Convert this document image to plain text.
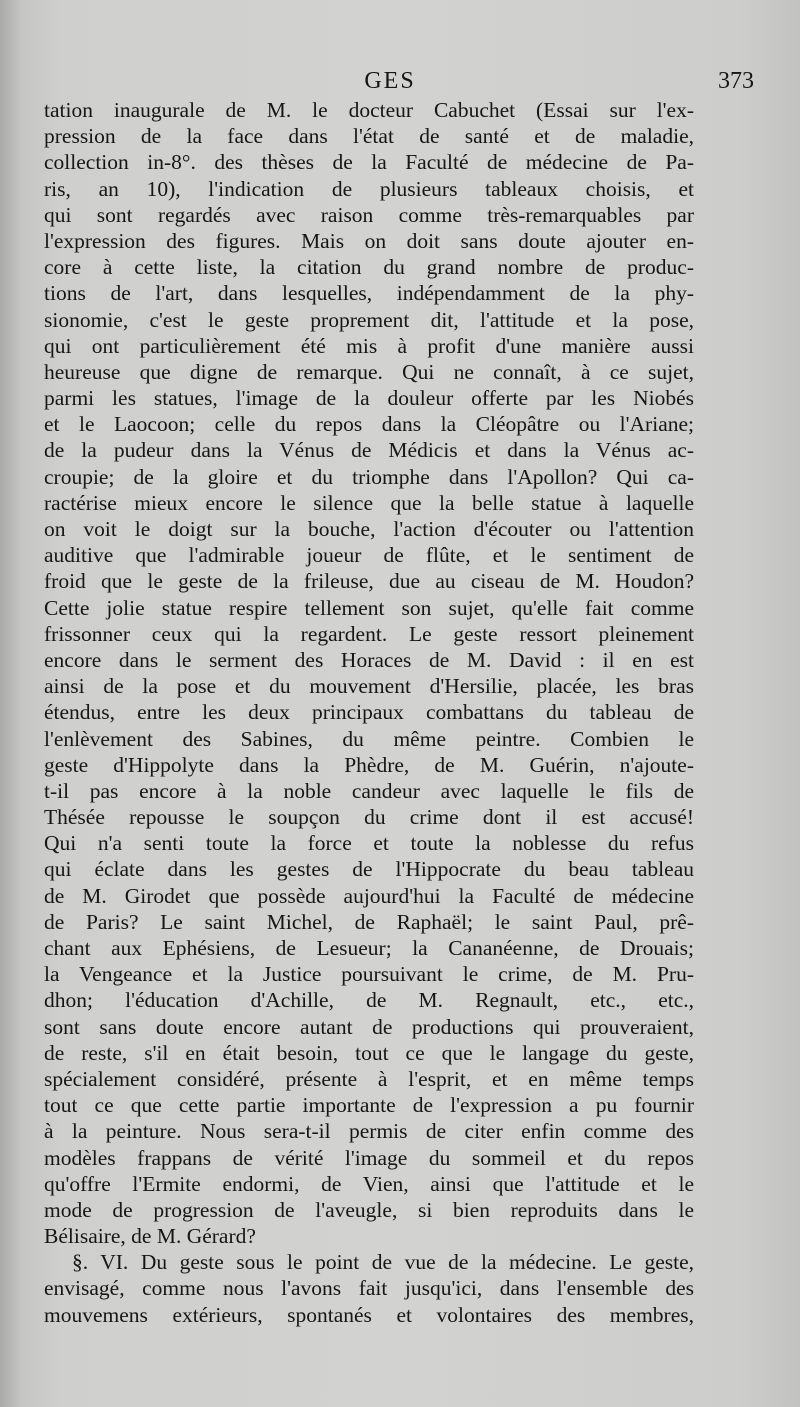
GES	373
tation inaugurale de M. le docteur Cabuchet (Essai sur l'ex-
pression de la face dans l'état de santé et de maladie,
collection in-8°. des thèses de la Faculté de médecine de Pa-
ris, an 10), l'indication de plusieurs tableaux choisis, et
qui sont regardés avec raison comme très-remarquables par
l'expression des figures. Mais on doit sans doute ajouter en-
core à cette liste, la citation du grand nombre de produc-
tions de l'art, dans lesquelles, indépendamment de la phy-
sionomie, c'est le geste proprement dit, l'attitude et la pose,
qui ont particulièrement été mis à profit d'une manière aussi
heureuse que digne de remarque. Qui ne connaît, à ce sujet,
parmi les statues, l'image de la douleur offerte par les Niobés
et le Laocoon; celle du repos dans la Cléopâtre ou l'Ariane;
de la pudeur dans la Vénus de Médicis et dans la Vénus ac-
croupie; de la gloire et du triomphe dans l'Apollon? Qui ca-
ractérise mieux encore le silence que la belle statue à laquelle
on voit le doigt sur la bouche, l'action d'écouter ou l'attention
auditive que l'admirable joueur de flûte, et le sentiment de
froid que le geste de la frileuse, due au ciseau de M. Houdon?
Cette jolie statue respire tellement son sujet, qu'elle fait comme
frissonner ceux qui la regardent. Le geste ressort pleinement
encore dans le serment des Horaces de M. David : il en est
ainsi de la pose et du mouvement d'Hersilie, placée, les bras
étendus, entre les deux principaux combattans du tableau de
l'enlèvement des Sabines, du même peintre. Combien le
geste d'Hippolyte dans la Phèdre, de M. Guérin, n'ajoute-
t-il pas encore à la noble candeur avec laquelle le fils de
Thésée repousse le soupçon du crime dont il est accusé!
Qui n'a senti toute la force et toute la noblesse du refus
qui éclate dans les gestes de l'Hippocrate du beau tableau
de M. Girodet que possède aujourd'hui la Faculté de médecine
de Paris? Le saint Michel, de Raphaël; le saint Paul, prê-
chant aux Ephésiens, de Lesueur; la Cananéenne, de Drouais;
la Vengeance et la Justice poursuivant le crime, de M. Pru-
dhon; l'éducation d'Achille, de M. Regnault, etc., etc.,
sont sans doute encore autant de productions qui prouveraient,
de reste, s'il en était besoin, tout ce que le langage du geste,
spécialement considéré, présente à l'esprit, et en même temps
tout ce que cette partie importante de l'expression a pu fournir
à la peinture. Nous sera-t-il permis de citer enfin comme des
modèles frappans de vérité l'image du sommeil et du repos
qu'offre l'Ermite endormi, de Vien, ainsi que l'attitude et le
mode de progression de l'aveugle, si bien reproduits dans le
Bélisaire, de M. Gérard?
§. VI. Du geste sous le point de vue de la médecine. Le geste,
envisagé, comme nous l'avons fait jusqu'ici, dans l'ensemble des
mouvemens extérieurs, spontanés et volontaires des membres,
